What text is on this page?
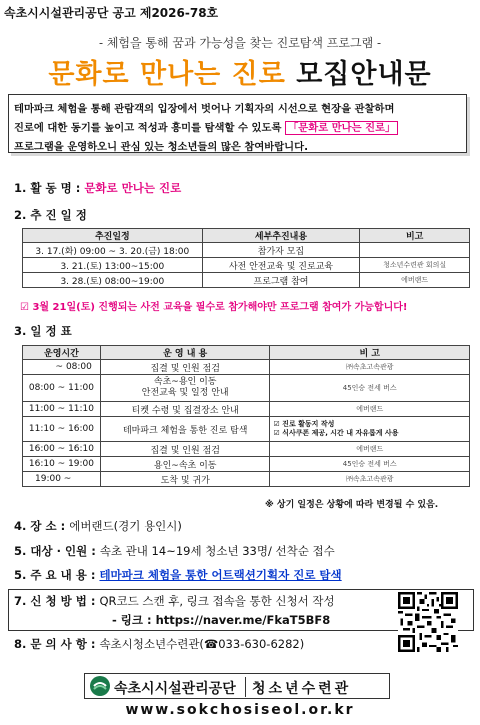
속초시시설관리공단 공고 제2026-78호
- 체험을 통해 꿈과 가능성을 찾는 진로탐색 프로그램 -
문화로 만나는 진로 모집안내문
테마파크 체험을 통해 관람객의 입장에서 벗어나 기획자의 시선으로 현장을 관찰하며
진로에 대한 동기를 높이고 적성과 흥미를 탐색할 수 있도록 「문화로 만나는 진로」
프로그램을 운영하오니 관심 있는 청소년들의 많은 참여바랍니다.
1. 활 동 명 : 문화로 만나는 진로
2. 추 진 일 정
추진일정	세부추진내용	비고
3. 17.(화) 09:00 ~ 3. 20.(금) 18:00	참가자 모집	
3. 21.(토) 13:00~15:00	사전 안전교육 및 진로교육	청소년수련관 회의실
3. 28.(토) 08:00~19:00	프로그램 참여	에버랜드
☑ 3월 21일(토) 진행되는 사전 교육을 필수로 참가해야만 프로그램 참여가 가능합니다!
3. 일 정 표
운영시간	운 영 내 용	비 고
~ 08:00	집결 및 인원 점검	㈜속초고속관광
08:00 ~ 11:00	속초~용인 이동
안전교육 및 일정 안내	45인승 전세 버스
11:00 ~ 11:10	티켓 수령 및 집결장소 안내	에버랜드
11:10 ~ 16:00	테마파크 체험을 통한 진로 탐색	☑ 진로 활동지 작성
☑ 식사쿠폰 제공, 시간 내 자유롭게 사용
16:00 ~ 16:10	집결 및 인원 점검	에버랜드
16:10 ~ 19:00	용인~속초 이동	45인승 전세 버스
19:00 ~	도착 및 귀가	㈜속초고속관광
※ 상기 일정은 상황에 따라 변경될 수 있음.
4. 장 소 : 에버랜드(경기 용인시)
5. 대상 · 인원 : 속초 관내 14~19세 청소년 33명/ 선착순 접수
5. 주 요 내 용 : 테마파크 체험을 통한 어트랙션기획자 진로 탐색
7. 신 청 방 법 : QR코드 스캔 후, 링크 접속을 통한 신청서 작성
- 링크 : https://naver.me/FkaT5BF8
8. 문 의 사 항 : 속초시청소년수련관(☎033-630-6282)
속초시시설관리공단 청소년수련관
www.sokchosiseol.or.kr
